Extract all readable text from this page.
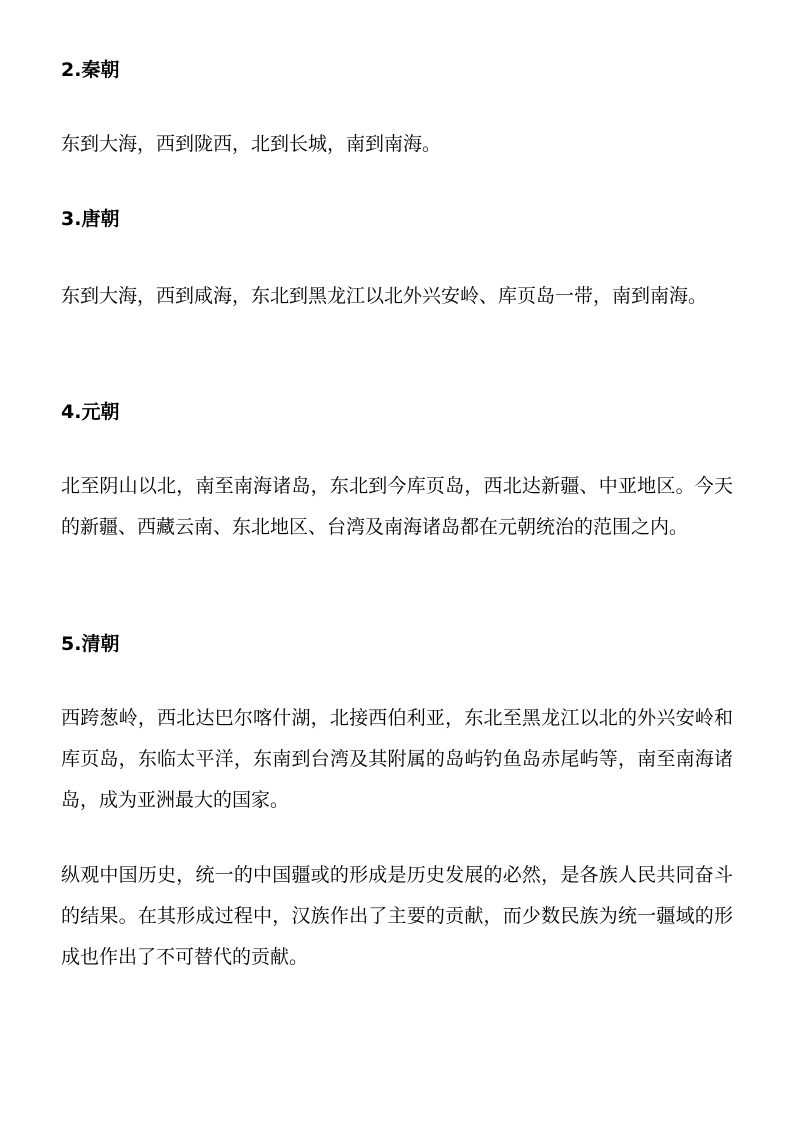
2.秦朝

东到大海，西到陇西，北到长城，南到南海。

3.唐朝

东到大海，西到咸海，东北到黑龙江以北外兴安岭、库页岛一带，南到南海。

4.元朝

北至阴山以北，南至南海诸岛，东北到今库页岛，西北达新疆、中亚地区。今天的新疆、西藏云南、东北地区、台湾及南海诸岛都在元朝统治的范围之内。

5.清朝

西跨葱岭，西北达巴尔喀什湖，北接西伯利亚，东北至黑龙江以北的外兴安岭和库页岛，东临太平洋，东南到台湾及其附属的岛屿钓鱼岛赤尾屿等，南至南海诸岛，成为亚洲最大的国家。

纵观中国历史，统一的中国疆或的形成是历史发展的必然，是各族人民共同奋斗的结果。在其形成过程中，汉族作出了主要的贡献，而少数民族为统一疆域的形成也作出了不可替代的贡献。
